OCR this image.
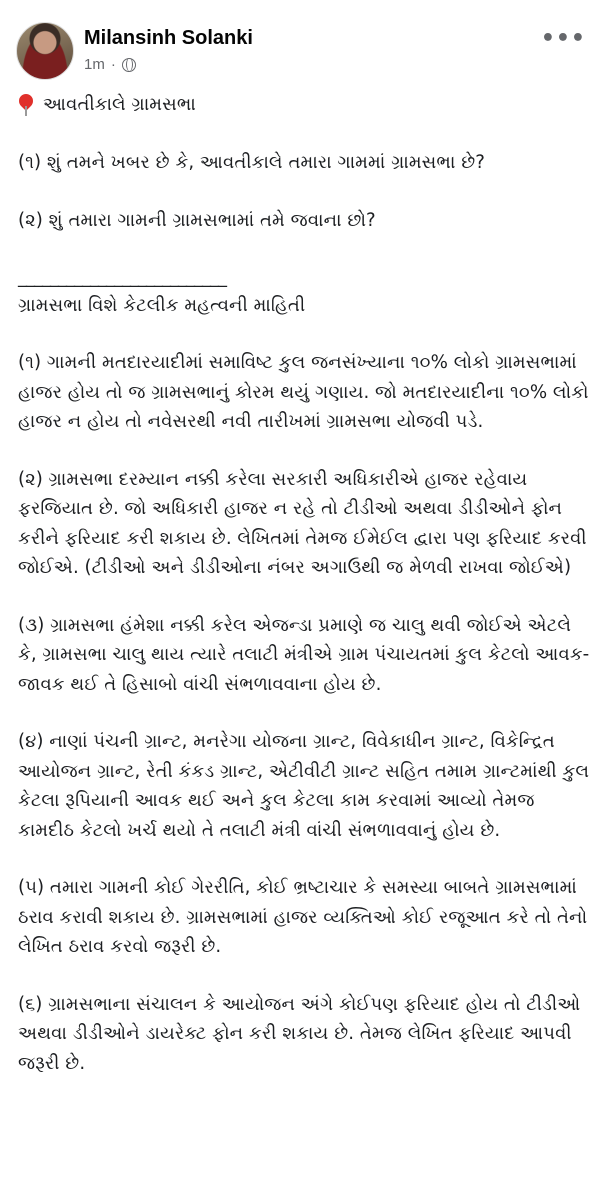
Milansinh Solanki
1m ·
•••

આવતીકાલે ગ્રામસભા

(૧) શું તમને ખબર છે કે, આવતીકાલે તમારા ગામમાં ગ્રામસભા છે?

(૨) શું તમારા ગામની ગ્રામસભામાં તમે જવાના છો?

__________________________

ગ્રામસભા વિશે કેટલીક મહત્વની માહિતી

(૧) ગામની મતદારયાદીમાં સમાવિષ્ટ કુલ જનસંખ્યાના ૧૦% લોકો ગ્રામસભામાં હાજર હોય તો જ ગ્રામસભાનું કોરમ થયું ગણાય. જો મતદારયાદીના ૧૦% લોકો હાજર ન હોય તો નવેસરથી નવી તારીખમાં ગ્રામસભા યોજવી પડે.

(૨) ગ્રામસભા દરમ્યાન નક્કી કરેલા સરકારી અધિકારીએ હાજર રહેવાય ફરજિયાત છે. જો અધિકારી હાજર ન રહે તો ટીડીઓ અથવા ડીડીઓને ફોન કરીને ફરિયાદ કરી શકાય છે. લેખિતમાં તેમજ ઈમેઈલ દ્વારા પણ ફરિયાદ કરવી જોઈએ. (ટીડીઓ અને ડીડીઓના નંબર અગાઉથી જ મેળવી રાખવા જોઈએ)

(૩) ગ્રામસભા હંમેશા નક્કી કરેલ એજન્ડા પ્રમાણે જ ચાલુ થવી જોઈએ એટલે કે, ગ્રામસભા ચાલુ થાય ત્યારે તલાટી મંત્રીએ ગ્રામ પંચાયતમાં કુલ કેટલો આવક-જાવક થઈ તે હિસાબો વાંચી સંભળાવવાના હોય છે.

(૪) નાણાં પંચની ગ્રાન્ટ, મનરેગા યોજના ગ્રાન્ટ, વિવેકાધીન ગ્રાન્ટ, વિકેન્દ્રિત આયોજન ગ્રાન્ટ, રેતી કંકડ ગ્રાન્ટ, એટીવીટી ગ્રાન્ટ સહિત તમામ ગ્રાન્ટમાંથી કુલ કેટલા રૂપિયાની આવક થઈ અને કુલ કેટલા કામ કરવામાં આવ્યો તેમજ કામદીઠ કેટલો ખર્ચ થયો તે તલાટી મંત્રી વાંચી સંભળાવવાનું હોય છે.

(૫) તમારા ગામની કોઈ ગેરરીતિ, કોઈ ભ્રષ્ટાચાર કે સમસ્યા બાબતે ગ્રામસભામાં ઠરાવ કરાવી શકાય છે. ગ્રામસભામાં હાજર વ્યક્તિઓ કોઈ રજૂઆત કરે તો તેનો લેખિત ઠરાવ કરવો જરૂરી છે.

(૬) ગ્રામસભાના સંચાલન કે આયોજન અંગે કોઈપણ ફરિયાદ હોય તો ટીડીઓ અથવા ડીડીઓને ડાયરેક્ટ ફોન કરી શકાય છે. તેમજ લેખિત ફરિયાદ આપવી જરૂરી છે.
